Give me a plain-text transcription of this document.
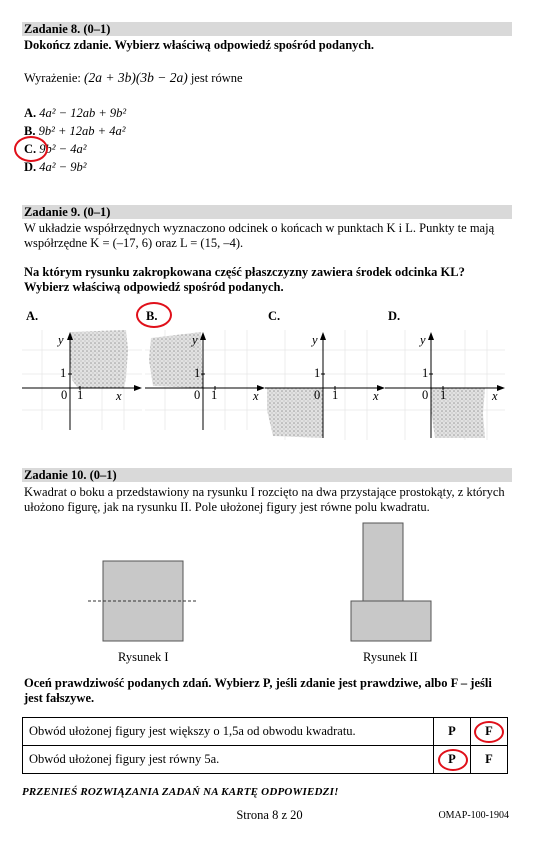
Zadanie 8. (0–1)
Dokończ zdanie. Wybierz właściwą odpowiedź spośród podanych.
Wyrażenie: (2a + 3b)(3b − 2a) jest równe
A. 4a² − 12ab + 9b²
B. 9b² + 12ab + 4a²
C. 9b² − 4a²
D. 4a² − 9b²
Zadanie 9. (0–1)
W układzie współrzędnych wyznaczono odcinek o końcach w punktach K i L. Punkty te mają
współrzędne K = (–17, 6) oraz L = (15, –4).
Na którym rysunku zakropkowana część płaszczyzny zawiera środek odcinka KL?
Wybierz właściwą odpowiedź spośród podanych.
A.	B.	C.	D.
y
1
0 1	x
y
1
0 1	x
y
1
0 1	x
y
1
0 1	x
Zadanie 10. (0–1)
Kwadrat o boku a przedstawiony na rysunku I rozcięto na dwa przystające prostokąty, z których
ułożono figurę, jak na rysunku II. Pole ułożonej figury jest równe polu kwadratu.
Rysunek I	Rysunek II
Oceń prawdziwość podanych zdań. Wybierz P, jeśli zdanie jest prawdziwe, albo F – jeśli
jest fałszywe.
Obwód ułożonej figury jest większy o 1,5a od obwodu kwadratu.	P	F
Obwód ułożonej figury jest równy 5a.	P	F
PRZENIEŚ ROZWIĄZANIA ZADAŃ NA KARTĘ ODPOWIEDZI!
Strona 8 z 20	OMAP-100-1904
